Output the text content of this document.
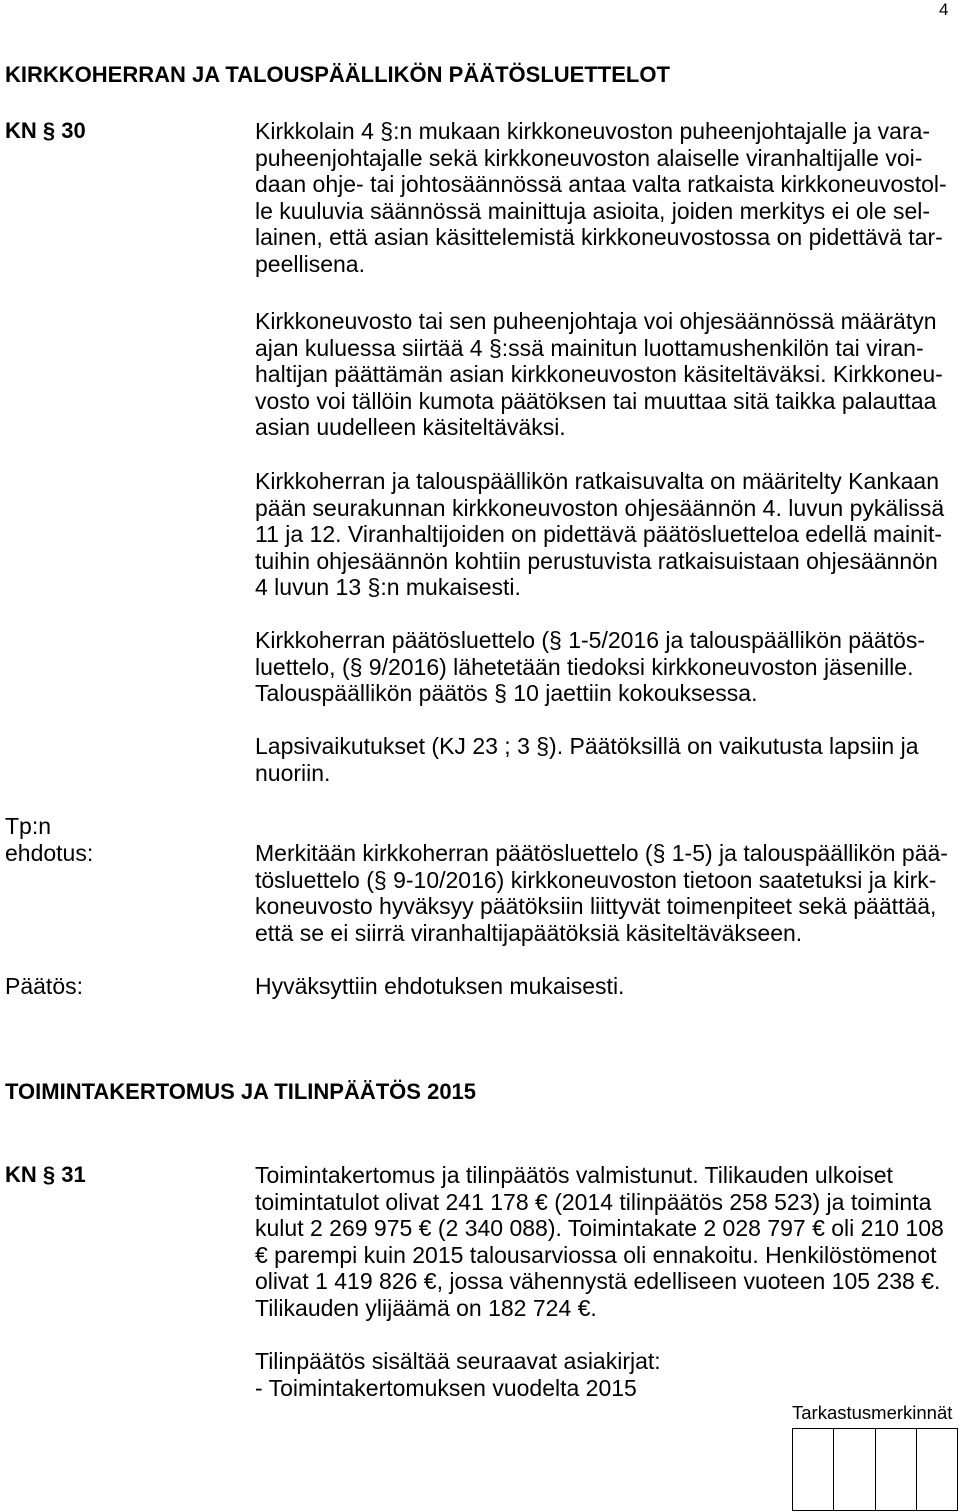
4
KIRKKOHERRAN JA TALOUSPÄÄLLIKÖN PÄÄTÖSLUETTELOT
KN § 30	Kirkkolain 4 §:n mukaan kirkkoneuvoston puheenjohtajalle ja vara-
puheenjohtajalle sekä kirkkoneuvoston alaiselle viranhaltijalle voi-
daan ohje- tai johtosäännössä antaa valta ratkaista kirkkoneuvostol-
le kuuluvia säännössä mainittuja asioita, joiden merkitys ei ole sel-
lainen, että asian käsittelemistä kirkkoneuvostossa on pidettävä tar-
peellisena.
Kirkkoneuvosto tai sen puheenjohtaja voi ohjesäännössä määrätyn
ajan kuluessa siirtää 4 §:ssä mainitun luottamushenkilön tai viran-
haltijan päättämän asian kirkkoneuvoston käsiteltäväksi. Kirkkoneu-
vosto voi tällöin kumota päätöksen tai muuttaa sitä taikka palauttaa
asian uudelleen käsiteltäväksi.
Kirkkoherran ja talouspäällikön ratkaisuvalta on määritelty Kankaan
pään seurakunnan kirkkoneuvoston ohjesäännön 4. luvun pykälissä
11 ja 12. Viranhaltijoiden on pidettävä päätösluetteloa edellä mainit-
tuihin ohjesäännön kohtiin perustuvista ratkaisuistaan ohjesäännön
4 luvun 13 §:n mukaisesti.
Kirkkoherran päätösluettelo (§ 1-5/2016 ja talouspäällikön päätös-
luettelo, (§ 9/2016) lähetetään tiedoksi kirkkoneuvoston jäsenille.
Talouspäällikön päätös § 10 jaettiin kokouksessa.
Lapsivaikutukset (KJ 23 ; 3 §). Päätöksillä on vaikutusta lapsiin ja
nuoriin.
Tp:n
ehdotus:	Merkitään kirkkoherran päätösluettelo (§ 1-5) ja talouspäällikön pää-
tösluettelo (§ 9-10/2016) kirkkoneuvoston tietoon saatetuksi ja kirk-
koneuvosto hyväksyy päätöksiin liittyvät toimenpiteet sekä päättää,
että se ei siirrä viranhaltijapäätöksiä käsiteltäväkseen.
Päätös:	Hyväksyttiin ehdotuksen mukaisesti.
TOIMINTAKERTOMUS JA TILINPÄÄTÖS 2015
KN § 31	Toimintakertomus ja tilinpäätös valmistunut. Tilikauden ulkoiset
toimintatulot olivat 241 178 € (2014 tilinpäätös 258 523) ja toiminta
kulut 2 269 975 € (2 340 088). Toimintakate 2 028 797 € oli 210 108
€ parempi kuin 2015 talousarviossa oli ennakoitu. Henkilöstömenot
olivat 1 419 826 €, jossa vähennystä edelliseen vuoteen 105 238 €.
Tilikauden ylijäämä on 182 724 €.
Tilinpäätös sisältää seuraavat asiakirjat:
- Toimintakertomuksen vuodelta 2015
Tarkastusmerkinnät
